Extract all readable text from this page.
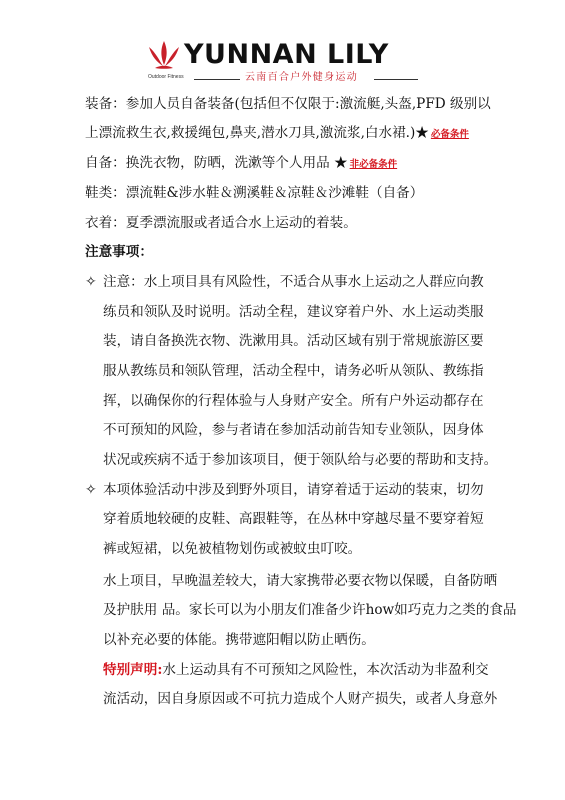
YUNNAN LILY
Outdoor Fitness	云南百合户外健身运动
装备：参加人员自备装备(包括但不仅限于:激流艇,头盔,PFD 级别以
上漂流救生衣,救援绳包,鼻夹,潜水刀具,激流浆,白水裙.)★ 必备条件
自备：换洗衣物，防晒，洗漱等个人用品 ★ 非必备条件
鞋类：漂流鞋&涉水鞋＆溯溪鞋＆凉鞋＆沙滩鞋（自备）
衣着：夏季漂流服或者适合水上运动的着装。
注意事项：
✧ 注意：水上项目具有风险性，不适合从事水上运动之人群应向教
练员和领队及时说明。活动全程，建议穿着户外、水上运动类服
装，请自备换洗衣物、洗漱用具。活动区域有别于常规旅游区要
服从教练员和领队管理，活动全程中，请务必听从领队、教练指
挥，以确保你的行程体验与人身财产安全。所有户外运动都存在
不可预知的风险，参与者请在参加活动前告知专业领队，因身体
状况或疾病不适于参加该项目，便于领队给与必要的帮助和支持。
✧ 本项体验活动中涉及到野外项目，请穿着适于运动的装束，切勿
穿着质地较硬的皮鞋、高跟鞋等，在丛林中穿越尽量不要穿着短
裤或短裙，以免被植物划伤或被蚊虫叮咬。
水上项目，早晚温差较大，请大家携带必要衣物以保暖，自备防晒
及护肤用 品。家长可以为小朋友们准备少许how如巧克力之类的食品
以补充必要的体能。携带遮阳帽以防止晒伤。
特别声明:水上运动具有不可预知之风险性，本次活动为非盈利交
流活动，因自身原因或不可抗力造成个人财产损失，或者人身意外
